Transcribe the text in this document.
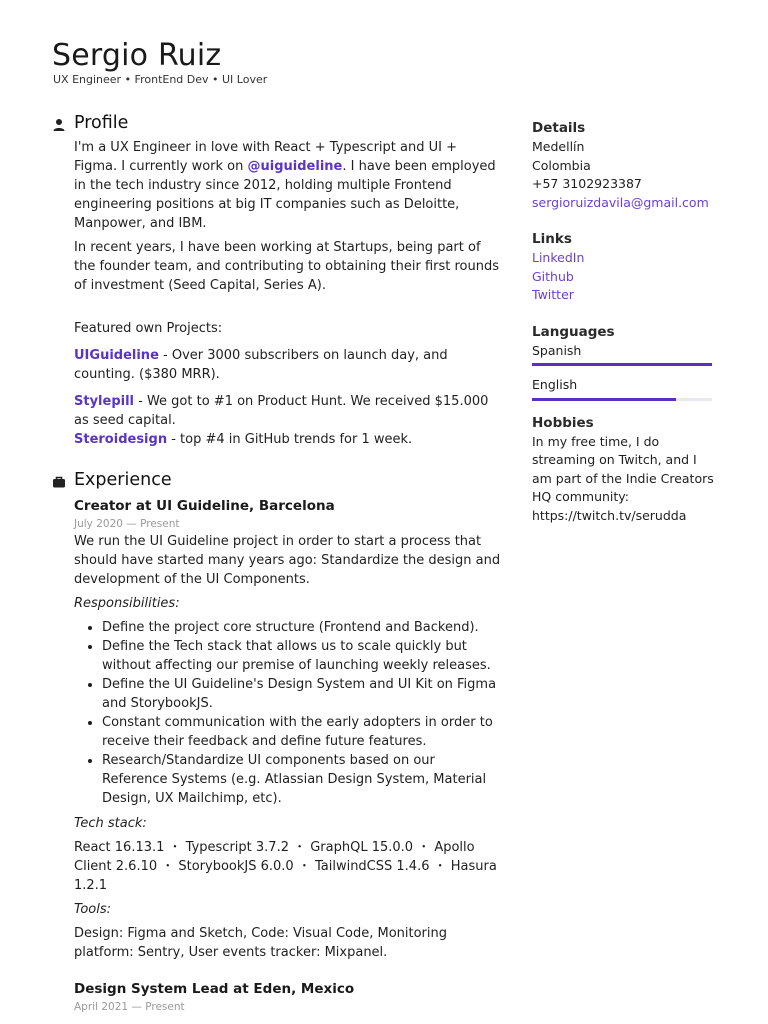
Sergio Ruiz
UX Engineer • FrontEnd Dev • UI Lover
Profile

I'm a UX Engineer in love with React + Typescript and UI + Figma. I currently work on @uiguideline. I have been employed in the tech industry since 2012, holding multiple Frontend engineering positions at big IT companies such as Deloitte, Manpower, and IBM.

In recent years, I have been working at Startups, being part of the founder team, and contributing to obtaining their first rounds of investment (Seed Capital, Series A).

Featured own Projects:

UIGuideline - Over 3000 subscribers on launch day, and counting. ($380 MRR).

Stylepill - We got to #1 on Product Hunt. We received $15.000 as seed capital.

Steroidesign - top #4 in GitHub trends for 1 week.

Experience
Creator at UI Guideline, Barcelona
July 2020 — Present

We run the UI Guideline project in order to start a process that should have started many years ago: Standardize the design and development of the UI Components.

Responsibilities:

• Define the project core structure (Frontend and Backend).
• Define the Tech stack that allows us to scale quickly but without affecting our premise of launching weekly releases.
• Define the UI Guideline's Design System and UI Kit on Figma and StorybookJS.
• Constant communication with the early adopters in order to receive their feedback and define future features.
• Research/Standardize UI components based on our Reference Systems (e.g. Atlassian Design System, Material Design, UX Mailchimp, etc).

Tech stack:

React 16.13.1 ・ Typescript 3.7.2 ・ GraphQL 15.0.0 ・ Apollo Client 2.6.10 ・ StorybookJS 6.0.0 ・ TailwindCSS 1.4.6 ・ Hasura 1.2.1

Tools:

Design: Figma and Sketch, Code: Visual Code, Monitoring platform: Sentry, User events tracker: Mixpanel.

Design System Lead at Eden, Mexico
April 2021 — Present
Details
Medellín
Colombia
+57 3102923387
sergioruizdavila@gmail.com
Links
LinkedIn
Github
Twitter
Languages
Spanish
English
Hobbies
In my free time, I do streaming on Twitch, and I am part of the Indie Creators HQ community: https://twitch.tv/serudda
